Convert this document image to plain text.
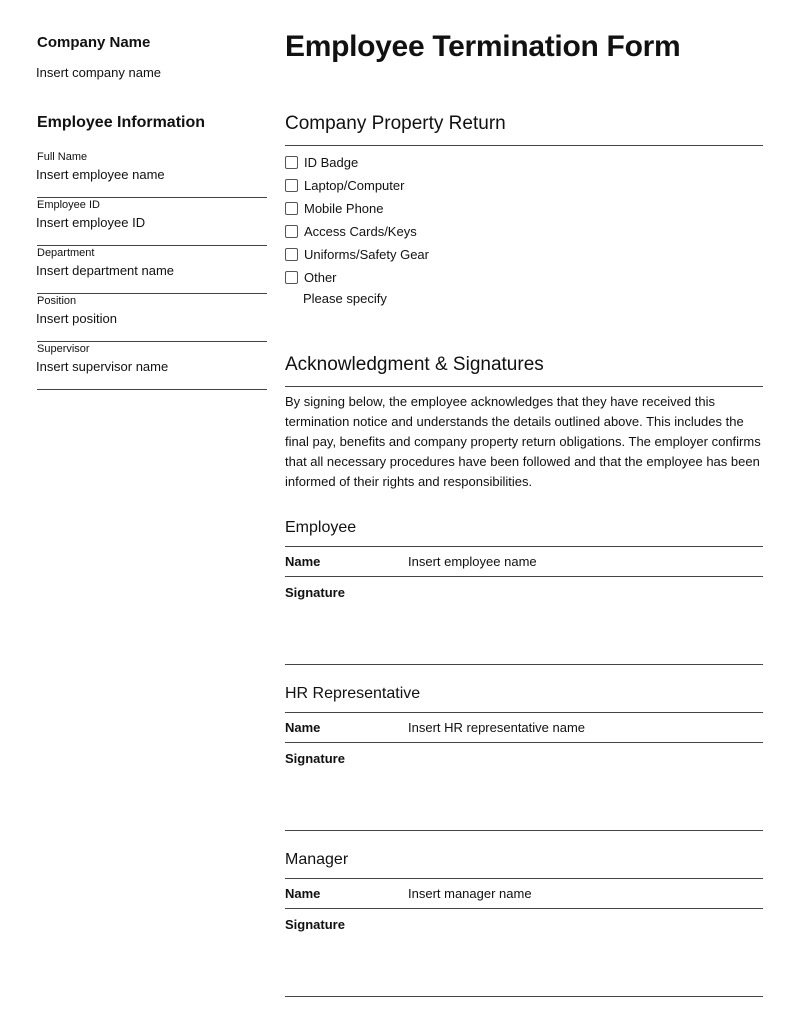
Company Name
Insert company name
Employee Termination Form
Employee Information
Full Name
Insert employee name
Employee ID
Insert employee ID
Department
Insert department name
Position
Insert position
Supervisor
Insert supervisor name
Company Property Return
ID Badge
Laptop/Computer
Mobile Phone
Access Cards/Keys
Uniforms/Safety Gear
Other
Please specify
Acknowledgment & Signatures
By signing below, the employee acknowledges that they have received this termination notice and understands the details outlined above. This includes the final pay, benefits and company property return obligations. The employer confirms that all necessary procedures have been followed and that the employee has been informed of their rights and responsibilities.
Employee
Name	Insert employee name
Signature
HR Representative
Name	Insert HR representative name
Signature
Manager
Name	Insert manager name
Signature
